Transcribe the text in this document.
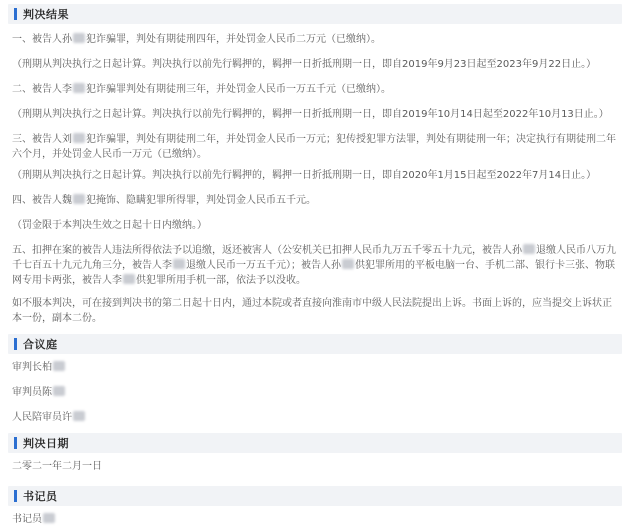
判决结果

一、被告人孙 犯诈骗罪，判处有期徒刑四年，并处罚金人民币二万元（已缴纳）。

（刑期从判决执行之日起计算。判决执行以前先行羁押的，羁押一日折抵刑期一日，即自2019年9月23日起至2023年9月22日止。）

二、被告人李 犯诈骗罪判处有期徒刑三年，并处罚金人民币一万五千元（已缴纳）。

（刑期从判决执行之日起计算。判决执行以前先行羁押的，羁押一日折抵刑期一日，即自2019年10月14日起至2022年10月13日止。）

三、被告人刘 犯诈骗罪，判处有期徒刑二年，并处罚金人民币一万元；犯传授犯罪方法罪，判处有期徒刑一年；决定执行有期徒刑二年六个月，并处罚金人民币一万元（已缴纳）。

（刑期从判决执行之日起计算。判决执行以前先行羁押的，羁押一日折抵刑期一日，即自2020年1月15日起至2022年7月14日止。）

四、被告人魏 犯掩饰、隐瞒犯罪所得罪，判处罚金人民币五千元。

（罚金限于本判决生效之日起十日内缴纳。）

五、扣押在案的被告人违法所得依法予以追缴，返还被害人（公安机关已扣押人民币九万五千零五十九元，被告人孙 退缴人民币八万九千七百五十九元九角三分，被告人李 退缴人民币一万五千元）；被告人孙 供犯罪所用的平板电脑一台、手机二部、银行卡三张、物联网专用卡两张，被告人李 供犯罪所用手机一部，依法予以没收。

如不服本判决，可在接到判决书的第二日起十日内，通过本院或者直接向淮南市中级人民法院提出上诉。书面上诉的，应当提交上诉状正本一份，副本二份。

合议庭

审判长柏

审判员陈

人民陪审员许

判决日期

二零二一年二月一日

书记员

书记员
